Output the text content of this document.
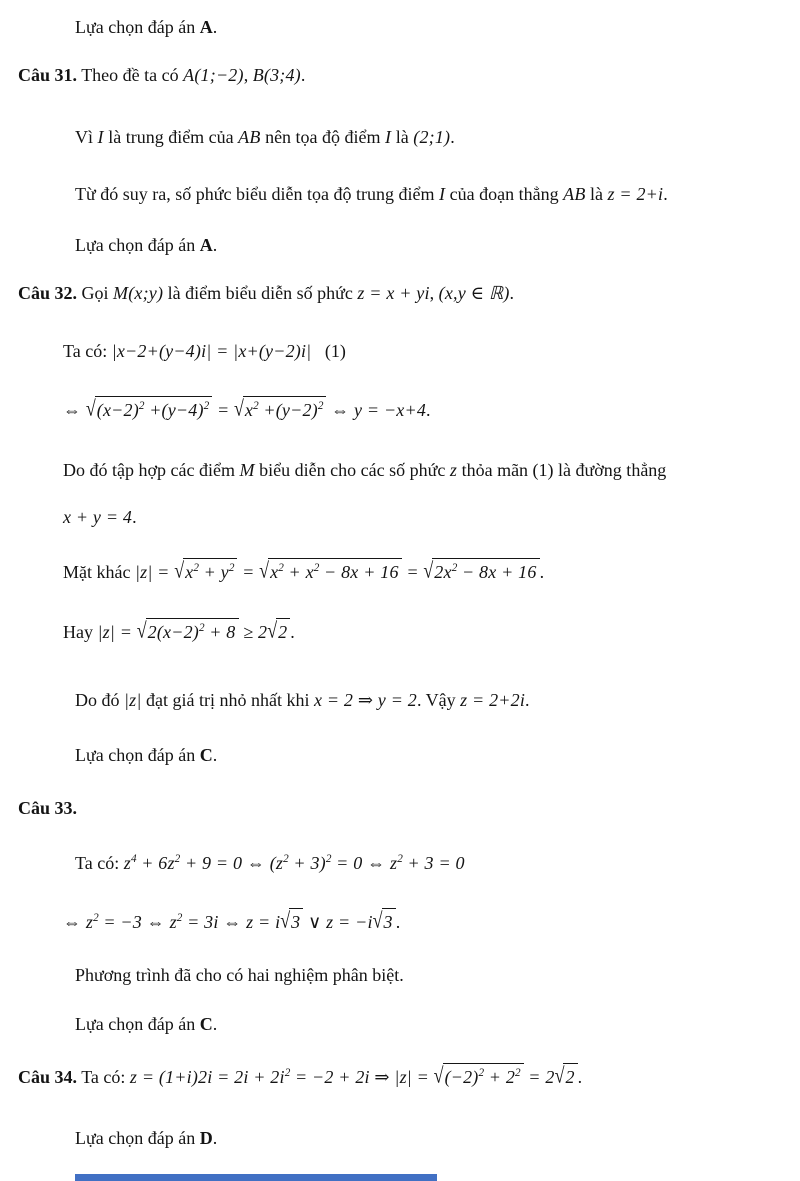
Lựa chọn đáp án A.

Câu 31. Theo đề ta có A(1;−2), B(3;4).

Vì I là trung điểm của AB nên tọa độ điểm I là (2;1).

Từ đó suy ra, số phức biểu diễn tọa độ trung điểm I của đoạn thẳng AB là z = 2+i.

Lựa chọn đáp án A.

Câu 32. Gọi M(x;y) là điểm biểu diễn số phức z = x + yi, (x,y ∈ ℝ).

Ta có: |x−2+(y−4)i| = |x+(y−2)i|   (1)

⇔ $√(x-2)^2 +(y-4)^2 = √x^2 +(y-2)^2$ ⇔ y = −x+4.

Do đó tập hợp các điểm M biểu diễn cho các số phức z thỏa mãn (1) là đường thẳng

x + y = 4.

Mặt khác $|z| = √x^2 + y^2 = √x^2 + x^2 - 8x + 16 = √2x^2 - 8x + 16$ .

Hay $|z| = √2(x-2)^2 + 8 \ge 2√2$ .

Do đó |z| đạt giá trị nhỏ nhất khi x = 2 ⇒ y = 2. Vậy z = 2+2i.

Lựa chọn đáp án C.

Câu 33.

Ta có: $z^4 + 6z^2 + 9 = 0$ ⇔ $(z^2 + 3)^2 = 0$ ⇔ $z^2 + 3 = 0$

⇔ $z^2 = -3$ ⇔ $z^2 = 3i$ ⇔ z = i√3 ∨ z = −i√3 .

Phương trình đã cho có hai nghiệm phân biệt.

Lựa chọn đáp án C.

Câu 34. Ta có: $z = (1+i)2i = 2i + 2i^2 = -2 + 2i$ ⇒ $|z| = √(-2)^2 + 2^2 = 2√2$ .

Lựa chọn đáp án D.
